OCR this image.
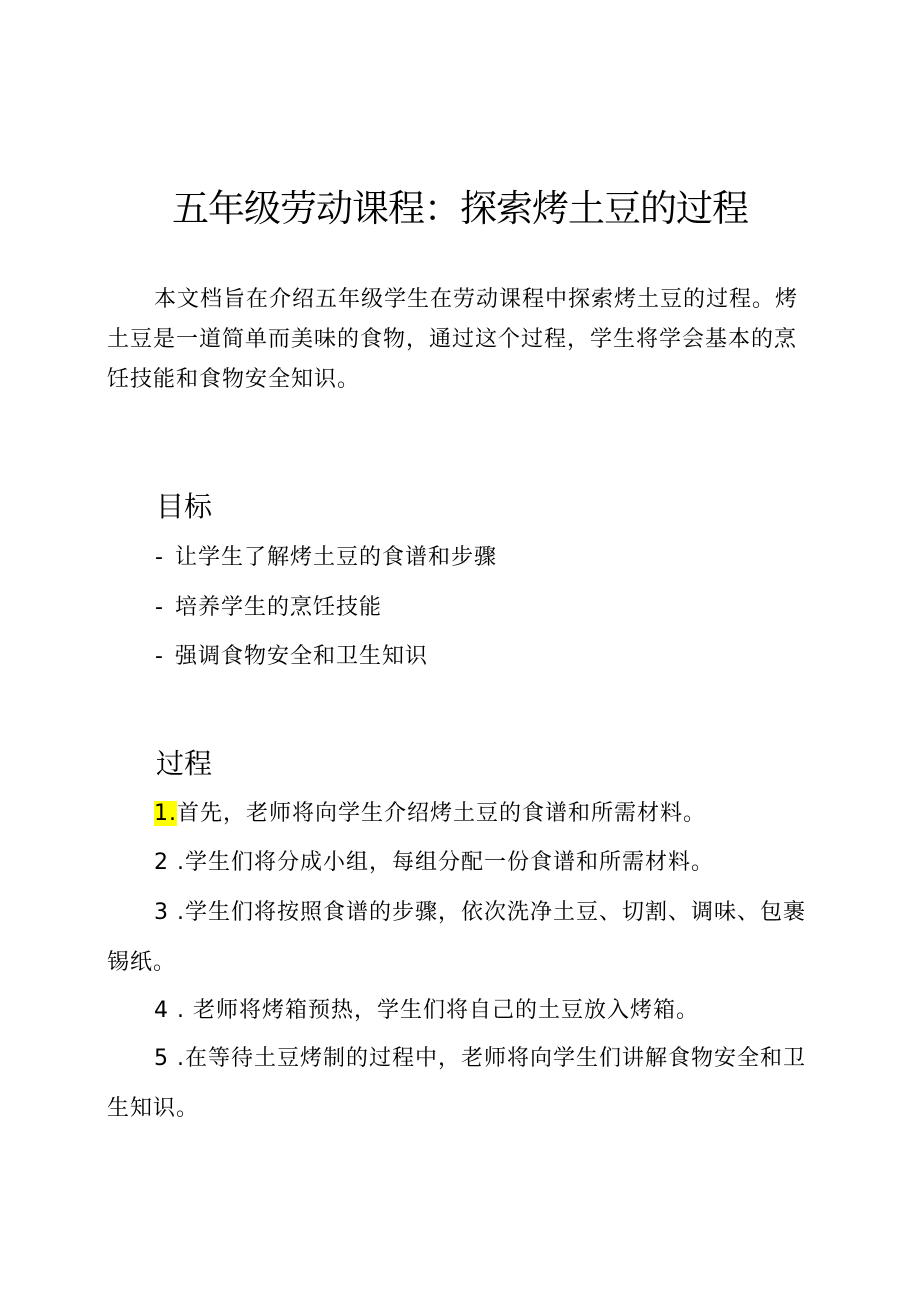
五年级劳动课程：探索烤土豆的过程
本文档旨在介绍五年级学生在劳动课程中探索烤土豆的过程。烤土豆是一道简单而美味的食物，通过这个过程，学生将学会基本的烹饪技能和食物安全知识。
目标
- 让学生了解烤土豆的食谱和步骤
- 培养学生的烹饪技能
- 强调食物安全和卫生知识
过程
1.首先，老师将向学生介绍烤土豆的食谱和所需材料。
2 .学生们将分成小组，每组分配一份食谱和所需材料。
3 .学生们将按照食谱的步骤，依次洗净土豆、切割、调味、包裹锡纸。
4 . 老师将烤箱预热，学生们将自己的土豆放入烤箱。
5 .在等待土豆烤制的过程中，老师将向学生们讲解食物安全和卫生知识。
